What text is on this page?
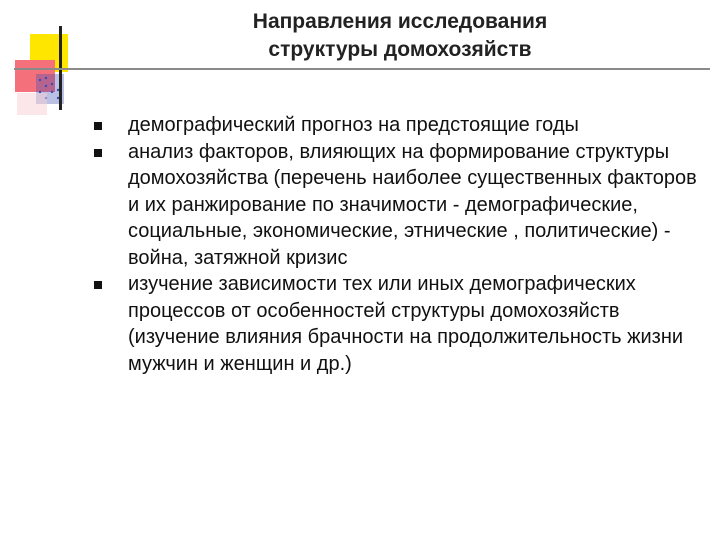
Направления исследования
структуры домохозяйств
демографический прогноз на предстоящие годы
анализ факторов, влияющих на формирование структуры домохозяйства (перечень наиболее существенных факторов и их ранжирование по значимости - демографические, социальные, экономические, этнические , политические) - война, затяжной кризис
изучение зависимости тех или иных демографических процессов от особенностей структуры домохозяйств (изучение влияния брачности на продолжительность жизни мужчин и женщин и др.)
